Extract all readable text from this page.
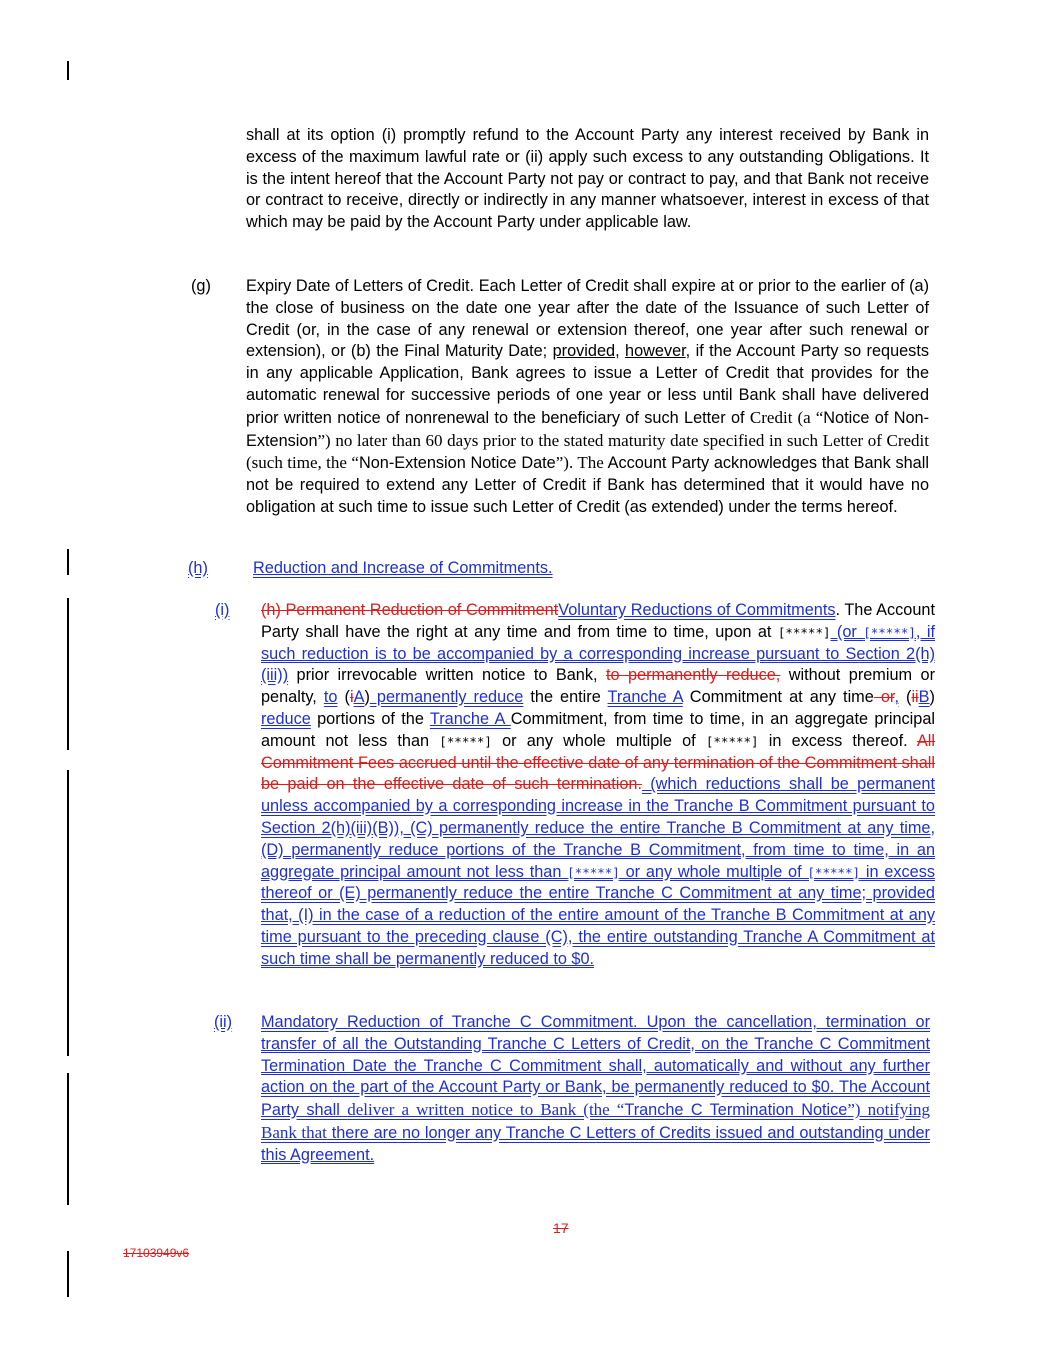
shall at its option (i) promptly refund to the Account Party any interest received by Bank in excess of the maximum lawful rate or (ii) apply such excess to any outstanding Obligations. It is the intent hereof that the Account Party not pay or contract to pay, and that Bank not receive or contract to receive, directly or indirectly in any manner whatsoever, interest in excess of that which may be paid by the Account Party under applicable law.
(g) Expiry Date of Letters of Credit. Each Letter of Credit shall expire at or prior to the earlier of (a) the close of business on the date one year after the date of the Issuance of such Letter of Credit (or, in the case of any renewal or extension thereof, one year after such renewal or extension), or (b) the Final Maturity Date; provided, however, if the Account Party so requests in any applicable Application, Bank agrees to issue a Letter of Credit that provides for the automatic renewal for successive periods of one year or less until Bank shall have delivered prior written notice of nonrenewal to the beneficiary of such Letter of Credit (a “Notice of Non-Extension”) no later than 60 days prior to the stated maturity date specified in such Letter of Credit (such time, the “Non-Extension Notice Date”). The Account Party acknowledges that Bank shall not be required to extend any Letter of Credit if Bank has determined that it would have no obligation at such time to issue such Letter of Credit (as extended) under the terms hereof.
(h)	Reduction and Increase of Commitments.
(i) (h) Permanent Reduction of CommitmentVoluntary Reductions of Commitments. The Account Party shall have the right at any time and from time to time, upon at [*****] (or [*****], if such reduction is to be accompanied by a corresponding increase pursuant to Section 2(h)(iii)) prior irrevocable written notice to Bank, to permanently reduce, without premium or penalty, to (iA) permanently reduce the entire Tranche A Commitment at any time or, (iiB) reduce portions of the Tranche A Commitment, from time to time, in an aggregate principal amount not less than [*****] or any whole multiple of [*****] in excess thereof. All Commitment Fees accrued until the effective date of any termination of the Commitment shall be paid on the effective date of such termination. (which reductions shall be permanent unless accompanied by a corresponding increase in the Tranche B Commitment pursuant to Section 2(h)(iii)(B)), (C) permanently reduce the entire Tranche B Commitment at any time, (D) permanently reduce portions of the Tranche B Commitment, from time to time, in an aggregate principal amount not less than [*****] or any whole multiple of [*****] in excess thereof or (E) permanently reduce the entire Tranche C Commitment at any time; provided that, (I) in the case of a reduction of the entire amount of the Tranche B Commitment at any time pursuant to the preceding clause (C), the entire outstanding Tranche A Commitment at such time shall be permanently reduced to $0.
(ii) Mandatory Reduction of Tranche C Commitment. Upon the cancellation, termination or transfer of all the Outstanding Tranche C Letters of Credit, on the Tranche C Commitment Termination Date the Tranche C Commitment shall, automatically and without any further action on the part of the Account Party or Bank, be permanently reduced to $0. The Account Party shall deliver a written notice to Bank (the “Tranche C Termination Notice”) notifying Bank that there are no longer any Tranche C Letters of Credits issued and outstanding under this Agreement.
17
17103949v6
